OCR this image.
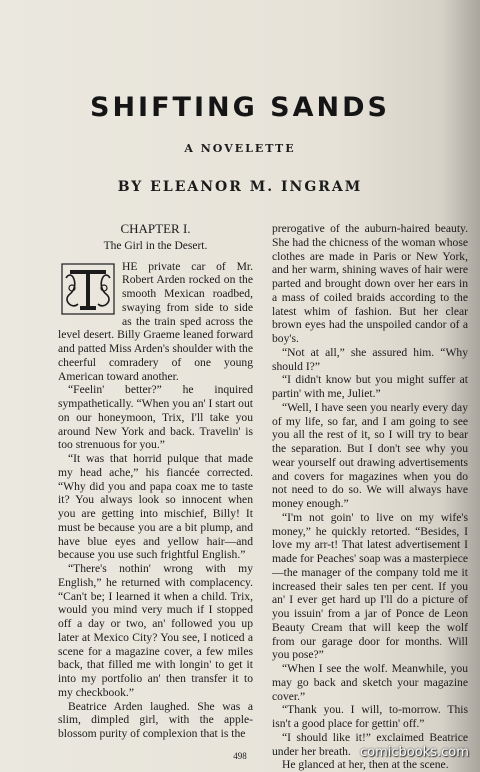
SHIFTING SANDS
A NOVELETTE
BY ELEANOR M. INGRAM
CHAPTER I.
The Girl in the Desert.

HE private car of Mr. Robert Arden rocked on the smooth Mexican roadbed, swaying from side to side as the train sped across the level desert. Billy Graeme leaned forward and patted Miss Arden's shoulder with the cheerful comradery of one young American toward another.

“Feelin' better?” he inquired sympathetically. “When you an' I start out on our honeymoon, Trix, I'll take you around New York and back. Travelin' is too strenuous for you.”

“It was that horrid pulque that made my head ache,” his fiancée corrected. “Why did you and papa coax me to taste it? You always look so innocent when you are getting into mischief, Billy! It must be because you are a bit plump, and have blue eyes and yellow hair—and because you use such frightful English.”

“There's nothin' wrong with my English,” he returned with complacency. “Can't be; I learned it when a child. Trix, would you mind very much if I stopped off a day or two, an' followed you up later at Mexico City? You see, I noticed a scene for a magazine cover, a few miles back, that filled me with longin' to get it into my portfolio an' then transfer it to my checkbook.”

Beatrice Arden laughed. She was a slim, dimpled girl, with the apple-blossom purity of complexion that is the

prerogative of the auburn-haired beauty. She had the chicness of the woman whose clothes are made in Paris or New York, and her warm, shining waves of hair were parted and brought down over her ears in a mass of coiled braids according to the latest whim of fashion. But her clear brown eyes had the unspoiled candor of a boy's.

“Not at all,” she assured him. “Why should I?”

“I didn't know but you might suffer at partin' with me, Juliet.”

“Well, I have seen you nearly every day of my life, so far, and I am going to see you all the rest of it, so I will try to bear the separation. But I don't see why you wear yourself out drawing advertisements and covers for magazines when you do not need to do so. We will always have money enough.”

“I'm not goin' to live on my wife's money,” he quickly retorted. “Besides, I love my arr-t! That latest advertisement I made for Peaches' soap was a masterpiece—the manager of the company told me it increased their sales ten per cent. If you an' I ever get hard up I'll do a picture of you issuin' from a jar of Ponce de Leon Beauty Cream that will keep the wolf from our garage door for months. Will you pose?”

“When I see the wolf. Meanwhile, you may go back and sketch your magazine cover.”

“Thank you. I will, to-morrow. This isn't a good place for gettin' off.”

“I should like it!” exclaimed Beatrice under her breath.

He glanced at her, then at the scene.

498	comicbooks.com
